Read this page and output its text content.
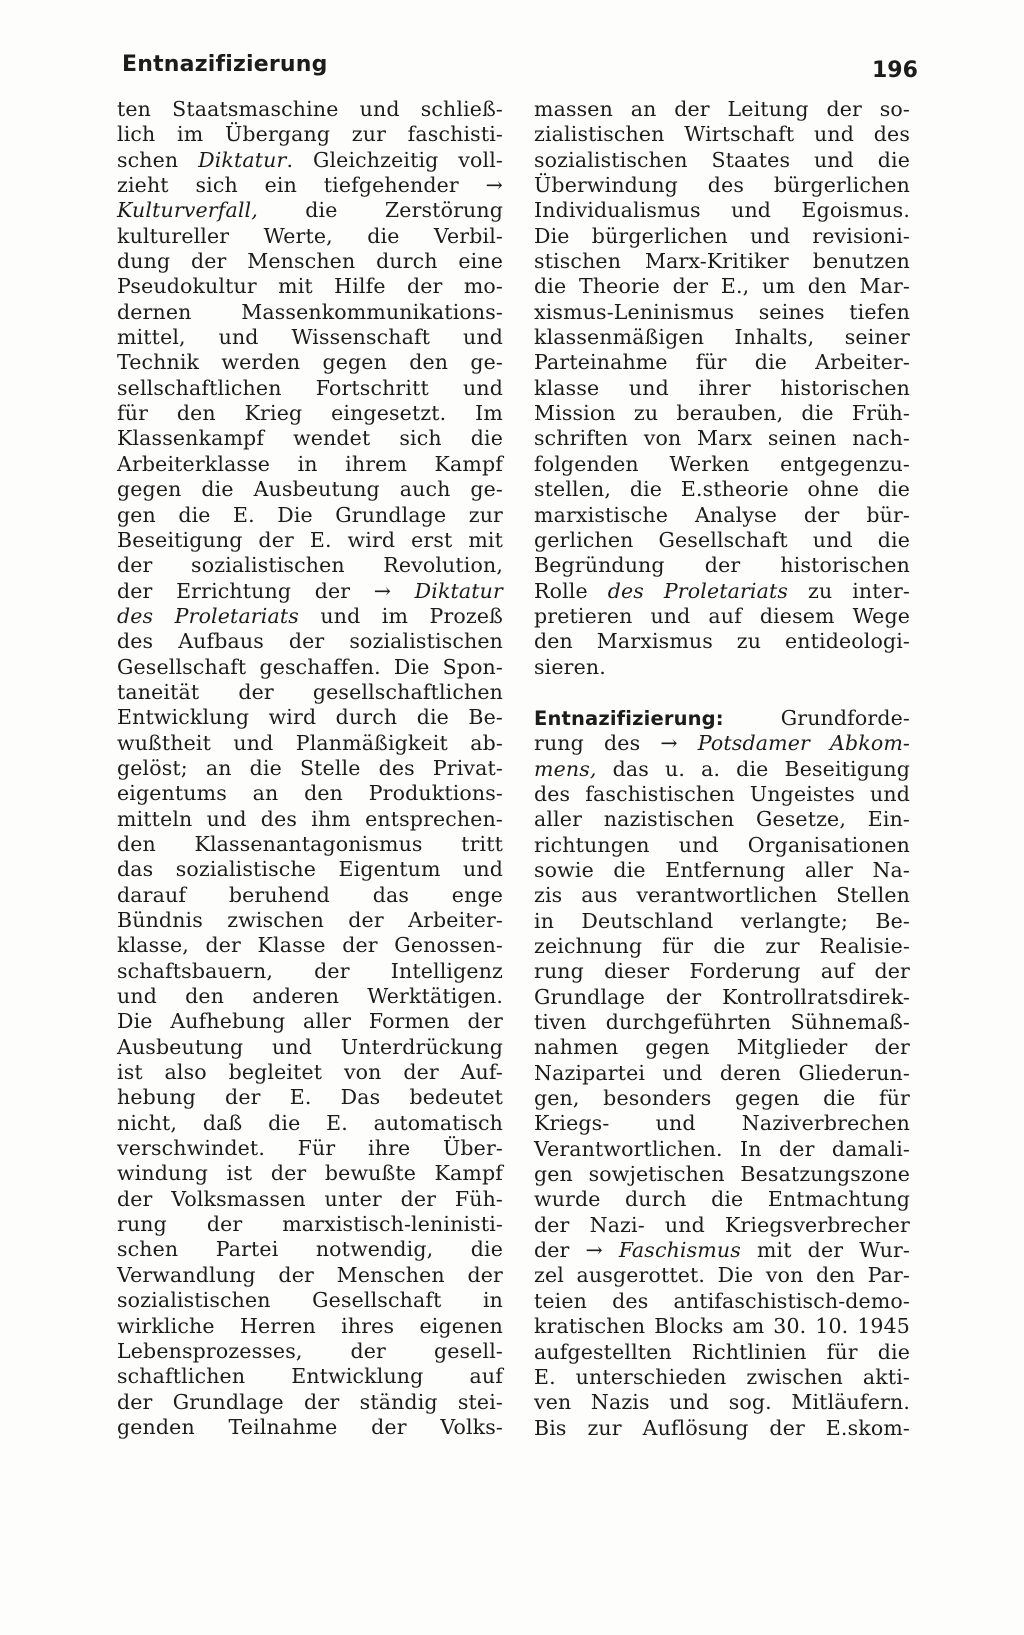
Entnazifizierung	196
ten Staatsmaschine und schließ-
lich im Übergang zur faschisti-
schen Diktatur. Gleichzeitig voll-
zieht sich ein tiefgehender →
Kulturverfall, die Zerstörung
kultureller Werte, die Verbil-
dung der Menschen durch eine
Pseudokultur mit Hilfe der mo-
dernen Massenkommunikations-
mittel, und Wissenschaft und
Technik werden gegen den ge-
sellschaftlichen Fortschritt und
für den Krieg eingesetzt. Im
Klassenkampf wendet sich die
Arbeiterklasse in ihrem Kampf
gegen die Ausbeutung auch ge-
gen die E. Die Grundlage zur
Beseitigung der E. wird erst mit
der sozialistischen Revolution,
der Errichtung der → Diktatur
des Proletariats und im Prozeß
des Aufbaus der sozialistischen
Gesellschaft geschaffen. Die Spon-
taneität der gesellschaftlichen
Entwicklung wird durch die Be-
wußtheit und Planmäßigkeit ab-
gelöst; an die Stelle des Privat-
eigentums an den Produktions-
mitteln und des ihm entsprechen-
den Klassenantagonismus tritt
das sozialistische Eigentum und
darauf beruhend das enge
Bündnis zwischen der Arbeiter-
klasse, der Klasse der Genossen-
schaftsbauern, der Intelligenz
und den anderen Werktätigen.
Die Aufhebung aller Formen der
Ausbeutung und Unterdrückung
ist also begleitet von der Auf-
hebung der E. Das bedeutet
nicht, daß die E. automatisch
verschwindet. Für ihre Über-
windung ist der bewußte Kampf
der Volksmassen unter der Füh-
rung der marxistisch-leninisti-
schen Partei notwendig, die
Verwandlung der Menschen der
sozialistischen Gesellschaft in
wirkliche Herren ihres eigenen
Lebensprozesses, der gesell-
schaftlichen Entwicklung auf
der Grundlage der ständig stei-
genden Teilnahme der Volks-
massen an der Leitung der so-
zialistischen Wirtschaft und des
sozialistischen Staates und die
Überwindung des bürgerlichen
Individualismus und Egoismus.
Die bürgerlichen und revisioni-
stischen Marx-Kritiker benutzen
die Theorie der E., um den Mar-
xismus-Leninismus seines tiefen
klassenmäßigen Inhalts, seiner
Parteinahme für die Arbeiter-
klasse und ihrer historischen
Mission zu berauben, die Früh-
schriften von Marx seinen nach-
folgenden Werken entgegenzu-
stellen, die E.stheorie ohne die
marxistische Analyse der bür-
gerlichen Gesellschaft und die
Begründung der historischen
Rolle des Proletariats zu inter-
pretieren und auf diesem Wege
den Marxismus zu entideologi-
sieren.
Entnazifizierung:  Grundforde-
rung des → Potsdamer Abkom-
mens, das u. a. die Beseitigung
des faschistischen Ungeistes und
aller nazistischen Gesetze, Ein-
richtungen und Organisationen
sowie die Entfernung aller Na-
zis aus verantwortlichen Stellen
in Deutschland verlangte; Be-
zeichnung für die zur Realisie-
rung dieser Forderung auf der
Grundlage der Kontrollratsdirek-
tiven durchgeführten Sühnemaß-
nahmen gegen Mitglieder der
Nazipartei und deren Gliederun-
gen, besonders gegen die für
Kriegs- und Naziverbrechen
Verantwortlichen. In der damali-
gen sowjetischen Besatzungszone
wurde durch die Entmachtung
der Nazi- und Kriegsverbrecher
der → Faschismus mit der Wur-
zel ausgerottet. Die von den Par-
teien des antifaschistisch-demo-
kratischen Blocks am 30. 10. 1945
aufgestellten Richtlinien für die
E. unterschieden zwischen akti-
ven Nazis und sog. Mitläufern.
Bis zur Auflösung der E.skom-
